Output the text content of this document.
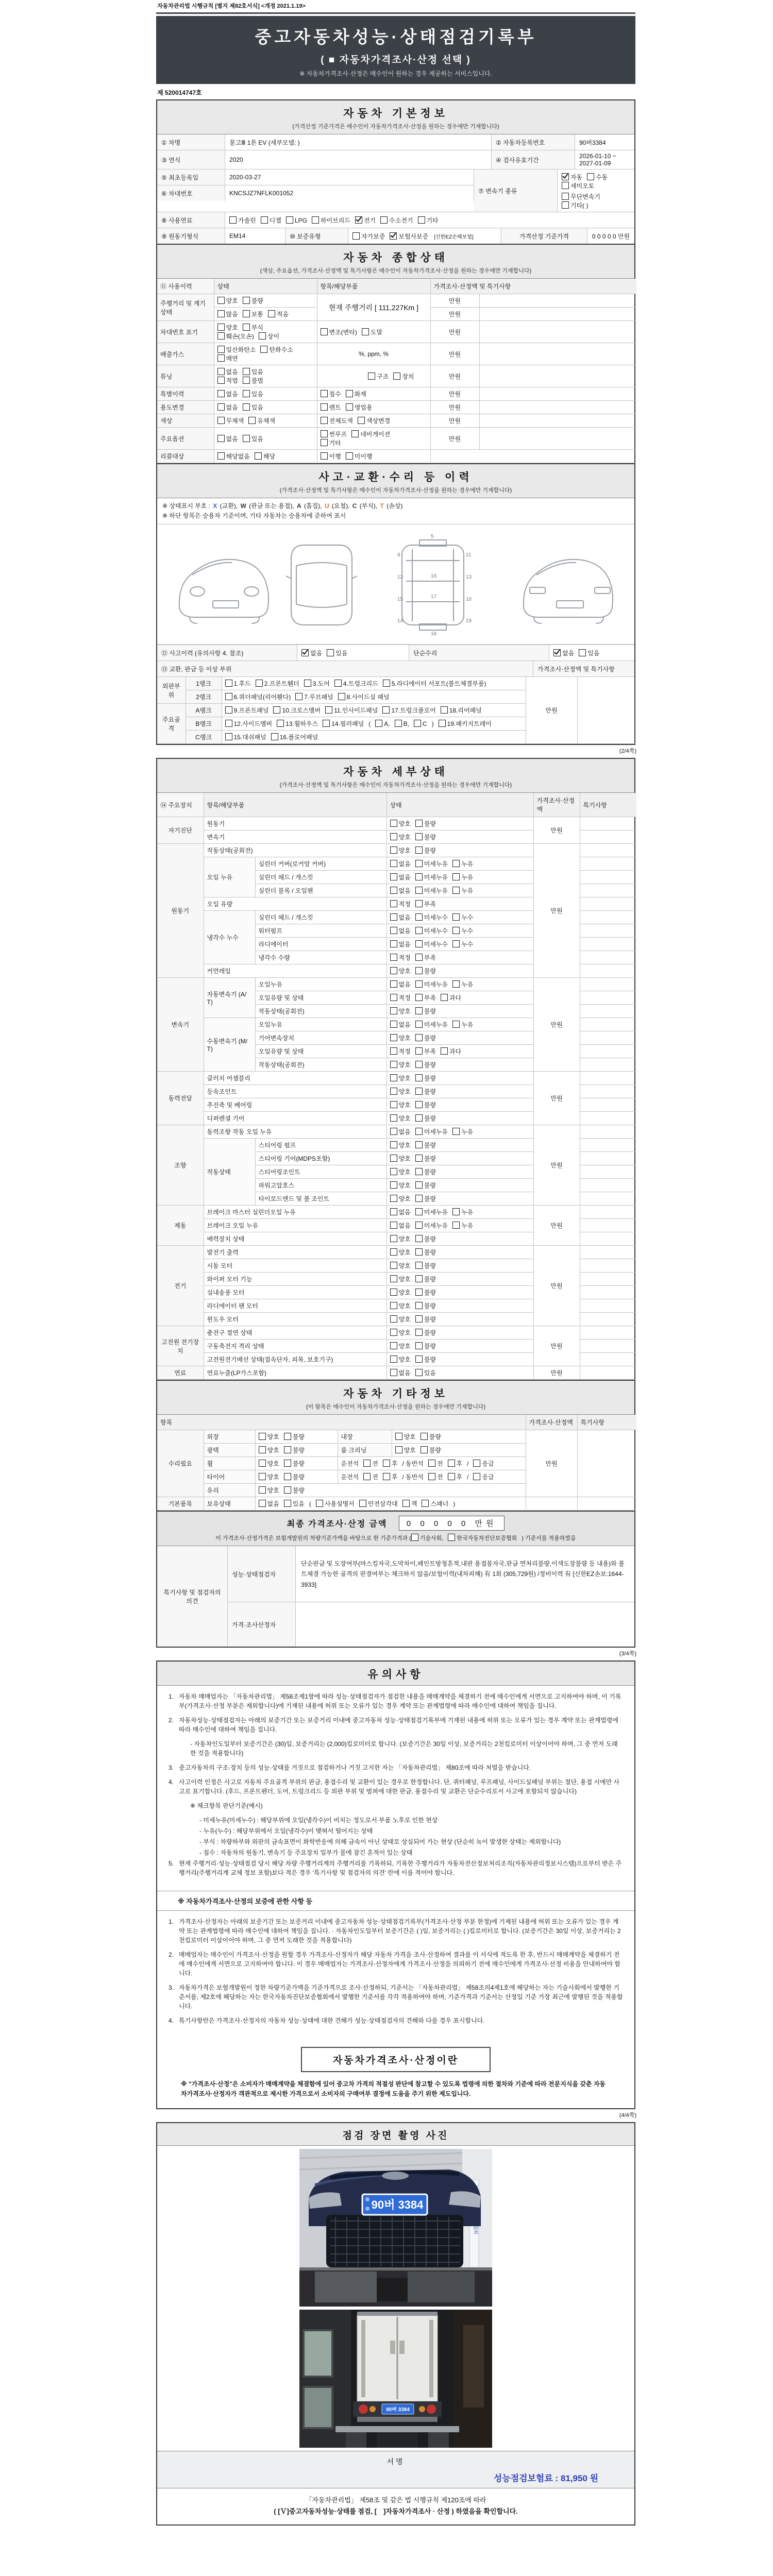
자동차관리법 시행규칙 [별지 제82호서식] <개정 2021.1.19>
중고자동차성능·상태점검기록부
( ■ 자동차가격조사·산정 선택 )
※ 자동차가격조사·산정은 매수인이 원하는 경우 제공하는 서비스입니다.
제 520014747호
자동차 기본정보
(가격산정 기준가격은 매수인이 자동차가격조사·산정을 원하는 경우에만 기재합니다)
① 차명	봉고Ⅲ 1톤 EV (세부모델: )	② 자동차등록번호	90버3384
③ 연식	2020	④ 검사유효기간
2026-01-10 ~ 2027-01-09
⑤ 최초등록일	2020-03-27
⑥ 차대번호	KNCSJZ7NFLK001052	⑦ 변속기 종류
자동 수동세미오토
무단변속기기타( )
⑧ 사용연료	가솔린	디젤	LPG	하이브리드	전기	수소전기	기타
⑨ 원동기형식	EM14	⑩ 보증유형	자가보증 보험사보증	[신한EZ손해보험]	가격산정 기준가격	0 0 0 0 0 만원
자동차 종합상태
(색상, 주요옵션, 가격조사·산정액 및 특기사항은 매수인이 자동차가격조사·산정을 원하는 경우에만 기재합니다)
⑪ 사용이력	상태	항목/해당부품	가격조사·산정액 및 특기사항	
주행거리 및 계기상태	양호 불량	현재 주행거리 [ 111,227Km ]	만원	
	많음 보통 적음		만원	
차대번호 표기	양호 부식훼손(오손) 상이	변조(변타) 도말	만원	
배출가스	일산화탄소 탄화수소매연	%, ppm, %	만원	
튜닝	없음 있음적법 불법	구조 장치	만원	
특별이력	없음 있음	침수 화재	만원	
용도변경	없음 있음	렌트 영업용	만원	
색상	무채색 유채색	전체도색 색상변경	만원	
주요옵션	없음 있음	썬루프 네비게이션기타	만원	
리콜대상	해당없음 해당	이행 미이행		
사고·교환·수리 등 이력
(가격조사·산정액 및 특기사항은 매수인이 자동차가격조사·산정을 원하는 경우에만 기재합니다)
※ 상태표시 부호 : X (교환), W (판금 또는 용접), A (흠집), U (요철), C (부식), T (손상)
※ 하단 항목은 승용차 기준이며, 기타 자동차는 승용차에 준하여 표시
5
9	11
12	13
16
15	10
17
14	19
18
⑫ 사고이력 (유의사항 4. 참조)	없음	있음	단순수리	없음	있음
⑬ 교환, 판금 등 이상 부위	가격조사·산정액 및 특기사항
외판부위	1랭크	1.후드 2.프론트휀더 3.도어 4.트렁크리드 5.라디에이터 서포트(볼트체결부품)	만원	
	2랭크	6.쿼더패널(리어휀다) 7.루브패널 8.사이드실 패널		
주요골격	A랭크	9.프론트패널 10.크로스멤버 11.인사이드패널 17.트렁크플로어 18.리어패널		
	B랭크	12.사이드멤버 13.휠하우스 14.필러패널 ( A, B, C ) 19.패키지트레이		
	C랭크	15.대쉬패널 16.플로어패널		
(2/4쪽)
자동차 세부상태
(가격조사·산정액 및 특기사항은 매수인이 자동차가격조사·산정을 원하는 경우에만 기재합니다)
⑭ 주요장치	항목/해당부품		상태	가격조사·산정액	특기사항
자기진단	원동기		양호 불량	만원	
	변속기		양호 불량		
원동기	작동상태(공회전)		양호 불량	만원	
	오일 누유	실린더 커버(로커암 커버)	없음 미세누유 누유		
		실린더 헤드 / 개스킷	없음 미세누유 누유		
		실린더 블록 / 오일팬	없음 미세누유 누유		
	오일 유량		적정 부족		
	냉각수 누수	실린더 헤드 / 개스킷	없음 미세누수 누수		
		워터펌프	없음 미세누수 누수		
		라디에이터	없음 미세누수 누수		
		냉각수 수량	적정 부족		
	커먼레일		양호 불량		
변속기	자동변속기 (A/T)	오일누유	없음 미세누유 누유	만원	
		오일유량 및 상태	적정 부족 과다		
		작동상태(공회전)	양호 불량		
	수동변속기 (M/T)	오일누유	없음 미세누유 누유		
		기어변속장치	양호 불량		
		오일유량 및 상태	적정 부족 과다		
		작동상태(공회전)	양호 불량		
동력전달	클러치 어셈블리		양호 불량	만원	
	등속조인트		양호 불량		
	추진축 및 베어링		양호 불량		
	디퍼렌셜 기어		양호 불량		
조향	동력조향 작동 오일 누유		없음 미세누유 누유	만원	
	작동상태	스티어링 펌프	양호 불량		
		스티어링 기어(MDPS포함)	양호 불량		
		스티어링조인트	양호 불량		
		파워고압호스	양호 불량		
		타이로드엔드 및 볼 조인트	양호 불량		
제동	브레이크 마스터 실린더오일 누유		없음 미세누유 누유	만원	
	브레이크 오일 누유		없음 미세누유 누유		
	배력장치 상태		양호 불량		
전기	발전기 출력		양호 불량	만원	
	시동 모터		양호 불량		
	와이퍼 모터 기능		양호 불량		
	실내송풍 모터		양호 불량		
	라디에이터 팬 모터		양호 불량		
	윈도우 모터		양호 불량		
고전원 전기장치	충전구 절연 상태		양호 불량	만원	
	구동축전지 격리 상태		양호 불량		
	고전원전기배선 상태(접속단자, 피복, 보호기구)		양호 불량		
연료	연료누출(LP가스포함)		없음 있음	만원	
자동차 기타정보
(이 항목은 매수인이 자동차가격조사·산정을 원하는 경우에만 기재합니다)
항목					가격조사·산정액	특기사항
수리필요	외장	양호 불량	내장	양호 불량	만원	
	광택	양호 불량	룸 크리닝	양호 불량		
	휠	양호 불량	운전석 전 후 / 동반석 전 후 / 응급			
	타이어	양호 불량	운전석 전 후 / 동반석 전 후 / 응급			
	유리	양호 불량				
기본품목	보유상태	없음 있음 ( 사용설명서 안전삼각대 잭 스패너 )				
최종 가격조사·산정 금액 0 0 0 0 0 만원
이 가격조사·산정가격은 보험개발원의 차량기준가액을 바탕으로 한 기준가격과 ( 기술사회, 한국자동차진단보증협회 ) 기준서를 적용하였음
특기사항 및 점검자의 의견
성능·상태점검자
단순판금 및 도장여부(마스킹자국,도막차이,페인트방청흔적,내판 용접봉자국,판금 면처리불량,이색도장불량 등 내용)와 볼트체결 가능한 골격의 판결여부는 체크하지 않음/보험이력(내차피해) 有 1회 (305,729원) /정비이력 有 [신한EZ손보:1644-3933]
가격·조사산정자
(3/4쪽)
유의사항
1. 자동차 매매업자는 「자동차관리법」 제58조제1항에 따라 성능·상태점검자가 점검한 내용을 매매계약을 체결하기 전에 매수인에게 서면으로 고지하여야 하며, 이 기록부(가격조사·산정 부분은 제외합니다)에 기재된 내용에 허위 또는 오류가 있는 경우 계약 또는 관계법령에 따라 매수인에 대하여 책임을 집니다.
2. 자동차성능·상태점검자는 아래의 보증기간 또는 보증거리 이내에 중고자동차 성능·상태점검기록부에 기재된 내용에 허위 또는 오류가 있는 경우 계약 또는 관계법령에 따라 매수인에 대하여 책임을 집니다.
- 자동차인도일부터 보증기간은 (30)일, 보증거리는 (2,000)킬로미터로 합니다. (보증기간은 30일 이상, 보증거리는 2천킬로미터 이상이어야 하며, 그 중 먼저 도래한 것을 적용합니다)
3. 중고자동차의 구조·장치 등의 성능·상태를 거짓으로 점검하거나 거짓 고지한 자는 「자동차관리법」 제80조에 따라 처벌을 받습니다.
4. 사고이력 인정은 사고로 자동차 주요골격 부위의 판금, 용접수리 및 교환이 있는 경우로 한정합니다. 단, 쿼터패널, 루프패널, 사이드실패널 부위는 절단, 용접 시에만 사고로 표기합니다. (후드, 프론트펜더, 도어, 트렁크리드 등 외판 부위 및 범퍼에 대한 판금, 용접수리 및 교환은 단순수리로서 사고에 포함되지 않습니다)
※ 체크항목 판단기준(예시)
- 미세누유(미세누수) : 해당부위에 오일(냉각수)이 비치는 정도로서 부품 노후로 인한 현상
- 누유(누수) : 해당부위에서 오일(냉각수)이 맺혀서 떨어지는 상태
- 부식 : 차량하부와 외판의 금속표면이 화학반응에 의해 금속이 아닌 상태로 상실되어 가는 현상 (단순히 녹이 발생한 상태는 제외합니다)
- 침수 : 자동차의 원동기, 변속기 등 주요장치 일부가 물에 잠긴 흔적이 있는 상태
5. 현재 주행거리·성능·상태점검 당시 해당 차량 주행거리계의 주행거리를 기록하되, 기록한 주행거리가 자동차전산정보처리조직(자동차관리정보시스템)으로부터 받은 주행거리(주행거리계 교체 정보 포함)보다 적은 경우 '특기사항 및 점검자의 의견' 란에 이를 적어야 합니다.
※ 자동차가격조사·산정의 보증에 관한 사항 등
1. 가격조사·산정자는 아래의 보증기간 또는 보증거리 이내에 중고자동차 성능·상태점검기록부(가격조사·산정 부분 한정)에 기재된 내용에 허위 또는 오류가 있는 경우 계약 또는 관계법령에 따라 매수인에 대하여 책임을 집니다. · 자동차인도일부터 보증기간은 ( )일, 보증거리는 ( )킬로미터로 합니다. (보증기간은 30일 이상, 보증거리는 2천킬로미터 이상이어야 하며, 그 중 먼저 도래한 것을 적용합니다)
2. 매매업자는 매수인이 가격조사·산정을 원할 경우 가격조사·산정자가 해당 자동차 가격을 조사·산정하여 결과를 이 서식에 적도록 한 후, 반드시 매매계약을 체결하기 전에 매수인에게 서면으로 고지하여야 합니다. 이 경우 매매업자는 가격조사·산정자에게 가격조사·산정을 의뢰하기 전에 매수인에게 가격조사·산정 비용을 안내하여야 합니다.
3. 자동차가격은 보험개발원이 정한 차량기준가액을 기준가격으로 조사·산정하되, 기준서는 「자동차관리법」 제58조의4제1호에 해당하는 자는 기술사회에서 발행한 기준서를, 제2호에 해당하는 자는 한국자동차진단보증협회에서 발행한 기준서를 각각 적용하여야 하며, 기준가격과 기준서는 산정일 기준 가장 최근에 발행된 것을 적용합니다.
4. 특기사항란은 가격조사·산정자의 자동차 성능·상태에 대한 견해가 성능·상태점검자의 견해와 다를 경우 표시합니다.
자동차가격조사·산정이란
※ "가격조사·산정"은 소비자가 매매계약을 체결함에 있어 중고차 가격의 적절성 판단에 참고할 수 있도록 법령에 의한 절차와 기준에 따라 전문지식을 갖춘 자동차가격조사·산정자가 객관적으로 제시한 가격으로서 소비자의 구매여부 결정에 도움을 주기 위한 제도입니다.
(4/4쪽)
점검 장면 촬영 사진
90버 3384
90버 3384
서명
성능점검보험료 : 81,950 원
「자동차관리법」 제58조 및 같은 법 시행규칙 제120조에 따라
( [Ｖ]중고자동차성능·상태를 점검, [　]자동차가격조사 · 산정 ) 하였음을 확인합니다.
